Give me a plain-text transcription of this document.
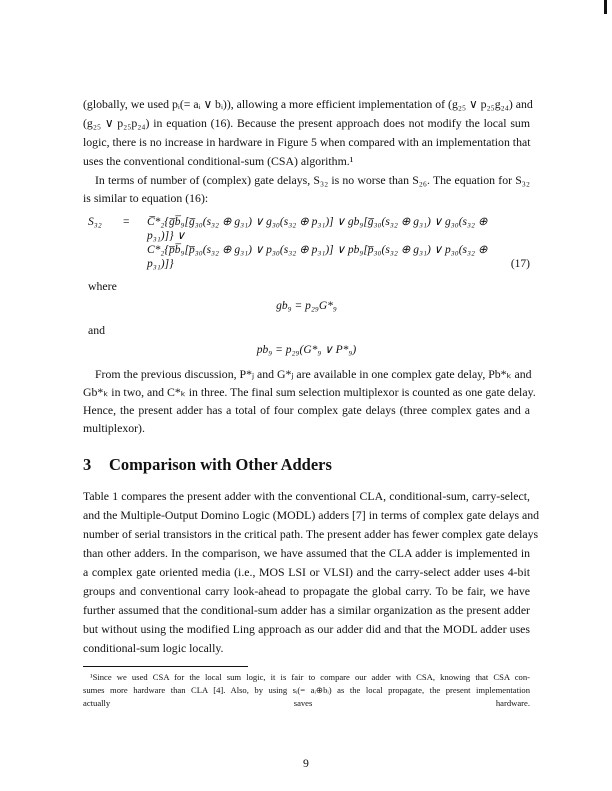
(globally, we used pᵢ(= aᵢ ∨ bᵢ)), allowing a more efficient implementation of (g₂₅ ∨ p₂₅g₂₄) and
(g₂₅ ∨ p₂₅p₂₄) in equation (16). Because the present approach does not modify the local sum
logic, there is no increase in hardware in Figure 5 when compared with an implementation that
uses the conventional conditional-sum (CSA) algorithm.¹
In terms of number of (complex) gate delays, S₃₂ is no worse than S₂₆. The equation for S₃₂
is similar to equation (16):
S₃₂	=	C̅*₂{g̅b̅₉[g̅₃₀(s₃₂ ⊕ g₃₁) ∨ g₃₀(s₃₂ ⊕ p₃₁)] ∨ gb₉[g̅₃₀(s₃₂ ⊕ g₃₁) ∨ g₃₀(s₃₂ ⊕ p₃₁)]} ∨
C*₂{p̅b̅₉[p̅₃₀(s₃₂ ⊕ g₃₁) ∨ p₃₀(s₃₂ ⊕ p₃₁)] ∨ pb₉[p̅₃₀(s₃₂ ⊕ g₃₁) ∨ p₃₀(s₃₂ ⊕ p₃₁)]}	(17)
where
gb₉ = p₂₉G*₉
and
pb₉ = p₂₉(G*₉ ∨ P*₉)
From the previous discussion, P*ⱼ and G*ⱼ are available in one complex gate delay, Pb*ₖ and
Gb*ₖ in two, and C*ₖ in three. The final sum selection multiplexor is counted as one gate delay.
Hence, the present adder has a total of four complex gate delays (three complex gates and a
multiplexor).
3 Comparison with Other Adders
Table 1 compares the present adder with the conventional CLA, conditional-sum, carry-select,
and the Multiple-Output Domino Logic (MODL) adders [7] in terms of complex gate delays and
number of serial transistors in the critical path. The present adder has fewer complex gate delays
than other adders. In the comparison, we have assumed that the CLA adder is implemented in
a complex gate oriented media (i.e., MOS LSI or VLSI) and the carry-select adder uses 4-bit
groups and conventional carry look-ahead to propagate the global carry. To be fair, we have
further assumed that the conditional-sum adder has a similar organization as the present adder
but without using the modified Ling approach as our adder did and that the MODL adder uses
conditional-sum logic locally.
¹Since we used CSA for the local sum logic, it is fair to compare our adder with CSA, knowing that CSA con-
sumes more hardware than CLA [4]. Also, by using sᵢ(= aᵢ⊕bᵢ) as the local propagate, the present implementation
actually saves hardware.
9
